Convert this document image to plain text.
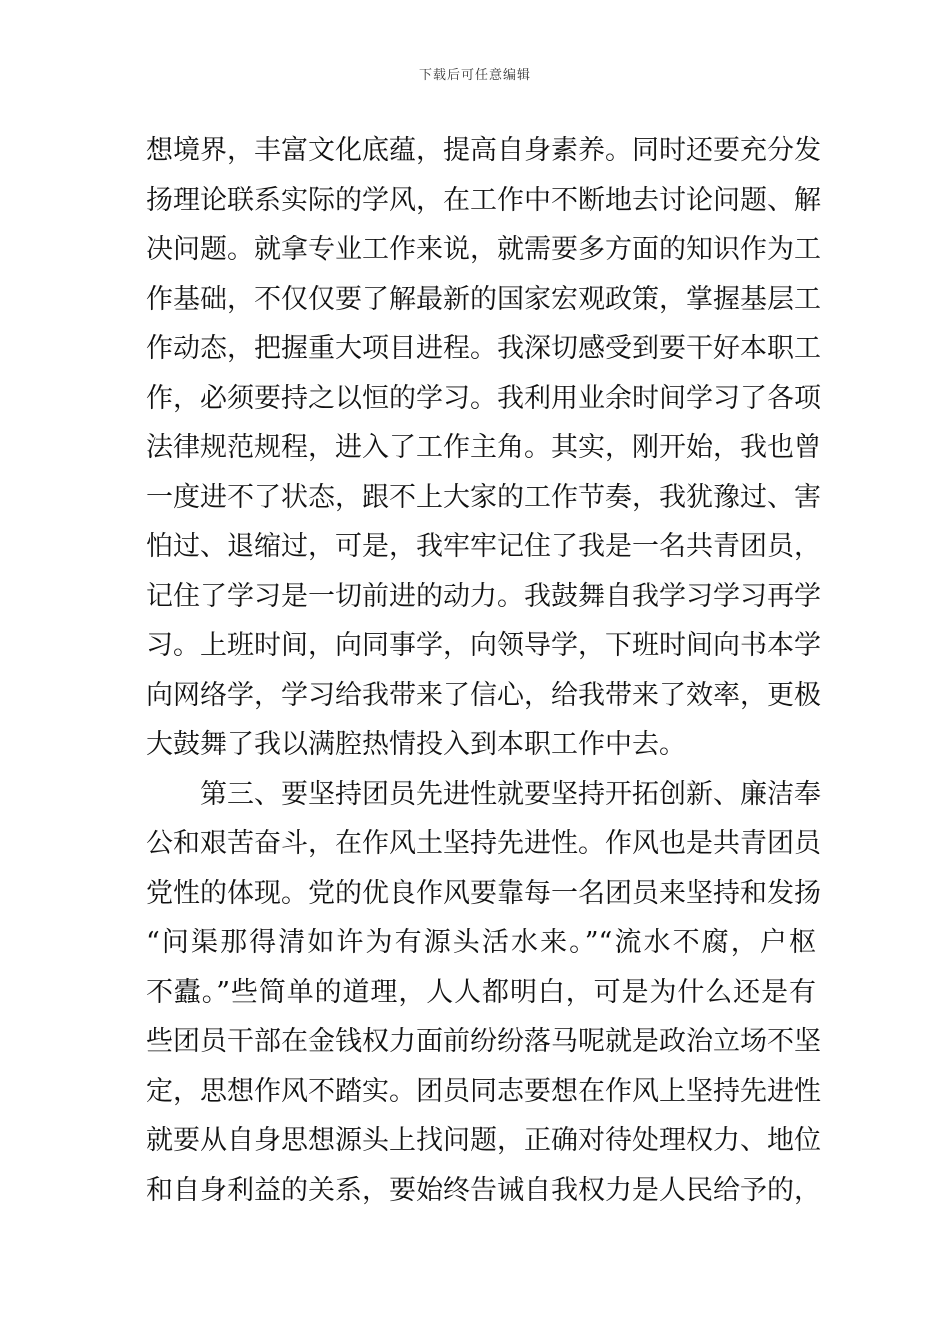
下载后可任意编辑
想境界，丰富文化底蕴，提高自身素养。同时还要充分发
扬理论联系实际的学风，在工作中不断地去讨论问题、解
决问题。就拿专业工作来说，就需要多方面的知识作为工
作基础，不仅仅要了解最新的国家宏观政策，掌握基层工
作动态，把握重大项目进程。我深切感受到要干好本职工
作，必须要持之以恒的学习。我利用业余时间学习了各项
法律规范规程，进入了工作主角。其实，刚开始，我也曾
一度进不了状态，跟不上大家的工作节奏，我犹豫过、害
怕过、退缩过，可是，我牢牢记住了我是一名共青团员，
记住了学习是一切前进的动力。我鼓舞自我学习学习再学
习。上班时间，向同事学，向领导学，下班时间向书本学
向网络学，学习给我带来了信心，给我带来了效率，更极
大鼓舞了我以满腔热情投入到本职工作中去。
第三、要坚持团员先进性就要坚持开拓创新、廉洁奉
公和艰苦奋斗，在作风土坚持先进性。作风也是共青团员
党性的体现。党的优良作风要靠每一名团员来坚持和发扬
“问渠那得清如许为有源头活水来。”“流水不腐，户枢
不蠹。”些简单的道理，人人都明白，可是为什么还是有
些团员干部在金钱权力面前纷纷落马呢就是政治立场不坚
定，思想作风不踏实。团员同志要想在作风上坚持先进性
就要从自身思想源头上找问题，正确对待处理权力、地位
和自身利益的关系，要始终告诫自我权力是人民给予的，
